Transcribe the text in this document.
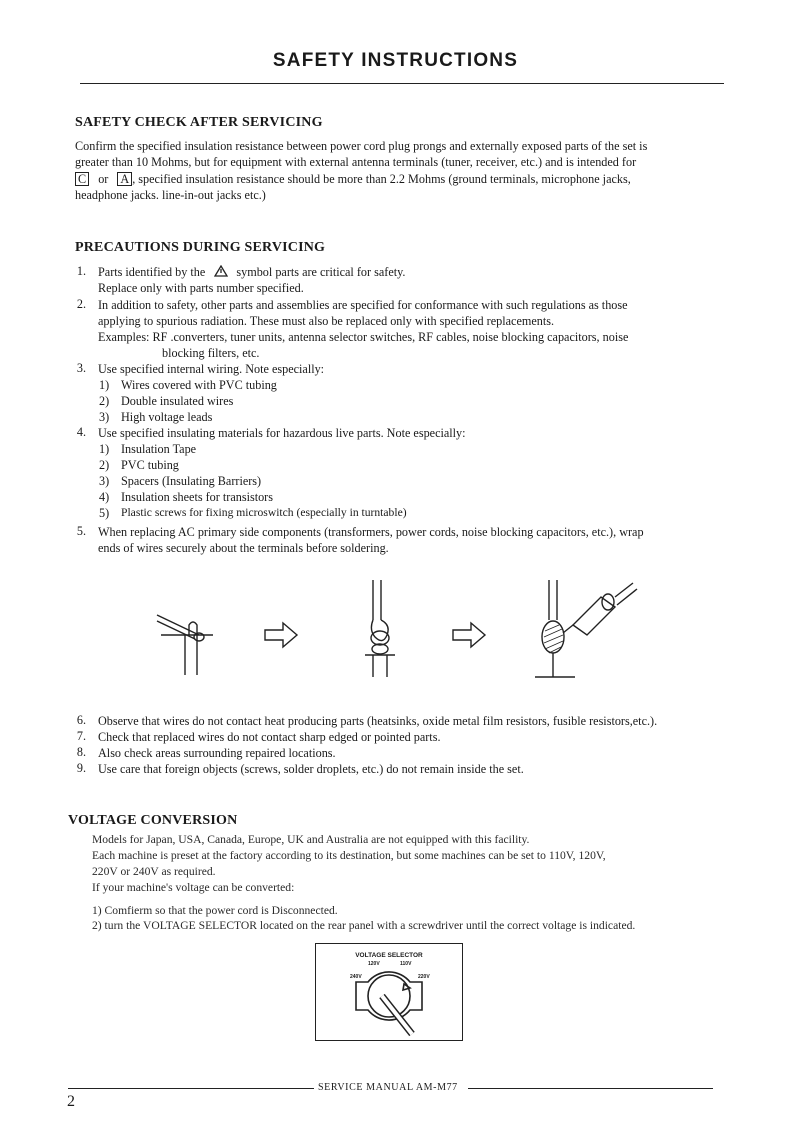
SAFETY INSTRUCTIONS
SAFETY CHECK AFTER SERVICING
Confirm the specified insulation resistance between power cord plug prongs and externally exposed parts of the set is
greater than 10 Mohms, but for equipment with external antenna terminals (tuner, receiver, etc.) and is intended for
C or A , specified insulation resistance should be more than 2.2 Mohms (ground terminals, microphone jacks,
headphone jacks. line-in-out jacks etc.)
PRECAUTIONS DURING SERVICING
1. Parts identified by the	symbol parts are critical for safety.
Replace only with parts number specified.
2. In addition to safety, other parts and assemblies are specified for conformance with such regulations as those
applying to spurious radiation. These must also be replaced only with specified replacements.
Examples: RF .converters, tuner units, antenna selector switches, RF cables, noise blocking capacitors, noise
blocking filters, etc.
3. Use specified internal wiring. Note especially:
1) Wires covered with PVC tubing
2) Double insulated wires
3) High voltage leads
4. Use specified insulating materials for hazardous live parts. Note especially:
1) Insulation Tape
2) PVC tubing
3) Spacers (Insulating Barriers)
4) Insulation sheets for transistors
5) Plastic screws for fixing microswitch (especially in turntable)
5. When replacing AC primary side components (transformers, power cords, noise blocking capacitors, etc.), wrap
ends of wires securely about the terminals before soldering.
6. Observe that wires do not contact heat producing parts (heatsinks, oxide metal film resistors, fusible resistors,etc.).
7. Check that replaced wires do not contact sharp edged or pointed parts.
8. Also check areas surrounding repaired locations.
9. Use care that foreign objects (screws, solder droplets, etc.) do not remain inside the set.
VOLTAGE CONVERSION
Models for Japan, USA, Canada, Europe, UK and Australia are not equipped with this facility.
Each machine is preset at the factory according to its destination, but some machines can be set to 110V, 120V,
220V or 240V as required.
If your machine's voltage can be converted:
1) Comfierm so that the power cord is Disconnected.
2) turn the VOLTAGE SELECTOR located on the rear panel with a screwdriver until the correct voltage is indicated.
VOLTAGE SELECTOR
120V	110V
240V	220V
SERVICE MANUAL AM-M77
2
